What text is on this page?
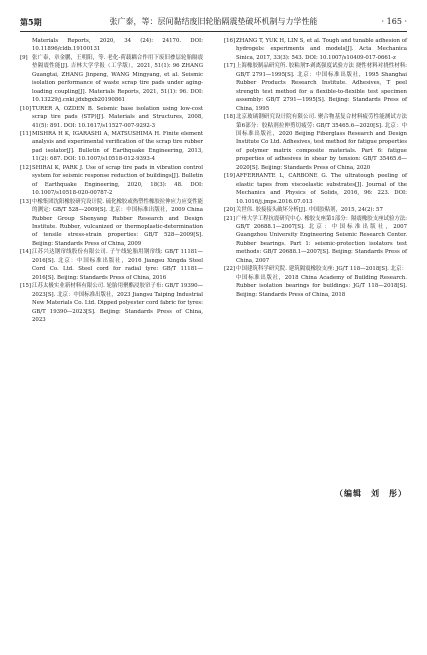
第5期	张广泰，等：层间黏结废旧轮胎隔震垫破坏机制与力学性能	· 165 ·
Materials Reports, 2020, 34 (24): 24170. DOI: 10.11896/cldb.19100131
[9] 张广泰，章金鹏，王明阳，等. 老化-荷载耦合作用下废旧叠层轮胎隔震垫隔震性能[J]. 吉林大学学报（工学版），2021, 51(1): 96 ZHANG Guangtai, ZHANG Jinpeng, WANG Mingyang, et al. Seismic isolation performance of waste scrap tire pads under aging-loading coupling[J]. Materials Reports, 2021, 51(1): 96. DOI: 10.13229/j.cnki.jdxbgxb20190861
[10] TURER A, OZDEN B. Seismic base isolation using low-cost scrap tire pads (STP)[J]. Materials and Structures, 2008, 41(5): 891. DOI: 10.1617/s11527-007-9292-3
[11] MISHRA H K, IGARASHI A, MATSUSHIMA H. Finite element analysis and experimental verification of the scrap tire rubber pad isolator[J]. Bulletin of Earthquake Engineering, 2013, 11(2): 687. DOI: 10.1007/s10518-012-9393-4
[12] SHIRAI K, PARK J. Use of scrap tire pads in vibration control system for seismic response reduction of buildings[J]. Bulletin of Earthquake Engineering, 2020, 18(3): 48. DOI: 10.1007/s10518-020-00787-2
[13] 中橡集团沈阳橡胶研究设计院. 硫化橡胶或热塑性橡胶拉伸应力应变性能的测定: GB/T 528—2009[S]. 北京：中国标准出版社，2009 China Rubber Group Shenyang Rubber Research and Design Institute. Rubber, vulcanized or thermoplastic-determination of tensile stress-strain properties: GB/T 528—2009[S]. Beijing: Standards Press of China, 2009
[14] 江苏兴达钢帘线股份有限公司. 子午线轮胎用钢帘线: GB/T 11181—2016[S]. 北京：中国标准出版社，2016 Jiangsu Xingda Steel Cord Co. Ltd. Steel cord for radial tyre: GB/T 11181—2016[S]. Beijing: Standards Press of China, 2016
[15] 江苏太极实业新材料有限公司. 轮胎用聚酯浸胶帘子布: GB/T 19390—2023[S]. 北京：中国标准出版社，2023 Jiangsu Taiping Industrial New Materials Co. Ltd. Dipped polyester cord fabric for tyres: GB/T 19390—2023[S]. Beijing: Standards Press of China, 2023
[16] ZHANG T, YUK H, LIN S, et al. Tough and tunable adhesion of hydrogels: experiments and models[J]. Acta Mechanica Sinica, 2017, 33(3): 543. DOI: 10.1007/s10409-017-0661-z
[17] 上海橡胶制品研究所. 胶粘剂T-剥离强度试验方法 挠性材料对挠性材料: GB/T 2791—1995[S]. 北京：中国标准出版社，1995 Shanghai Rubber Products Research Institute. Adhesives, T peel strength test method for a flexible-to-flexible test specimen assembly: GB/T 2791—1995[S]. Beijing: Standards Press of China, 1995
[18] 北京玻璃钢研究设计院有限公司. 聚合物基复合材料疲劳性能测试方法 第6部分：胶粘剂拉伸剪切疲劳: GB/T 35465.6—2020[S]. 北京：中国标准出版社，2020 Beijing Fiberglass Research and Design Institute Co Ltd. Adhesives, test method for fatigue properties of polymer matrix composite materials. Part 6: fatigue properties of adhesives in shear by tension: GB/T 35465.6—2020[S]. Beijing: Standards Press of China, 2020
[19] AFFERRANTE L, CARBONE G. The ultratough peeling of elastic tapes from viscoelastic substrates[J]. Journal of the Mechanics and Physics of Solids, 2016, 96: 223. DOI: 10.1016/j.jmps.2016.07.013
[20] 关世伟. 胶接接头破坏分析[J]. 中国胶粘剂，2015, 24(2): 57
[21] 广州大学工程抗震研究中心. 橡胶支座第1部分：隔震橡胶支座试验方法: GB/T 20688.1—2007[S]. 北京：中国标准出版社，2007 Guangzhou University Engineering Seismic Research Center. Rubber bearings. Part 1: seismic-protection isolators test methods: GB/T 20688.1—2007[S]. Beijing: Standards Press of China, 2007
[22] 中国建筑科学研究院. 建筑隔震橡胶支座: JG/T 118—2018[S]. 北京：中国标准出版社，2018 China Academy of Building Research. Rubber isolation bearings for buildings: JG/T 118—2018[S]. Beijing: Standards Press of China, 2018
（编辑　刘　彤）
